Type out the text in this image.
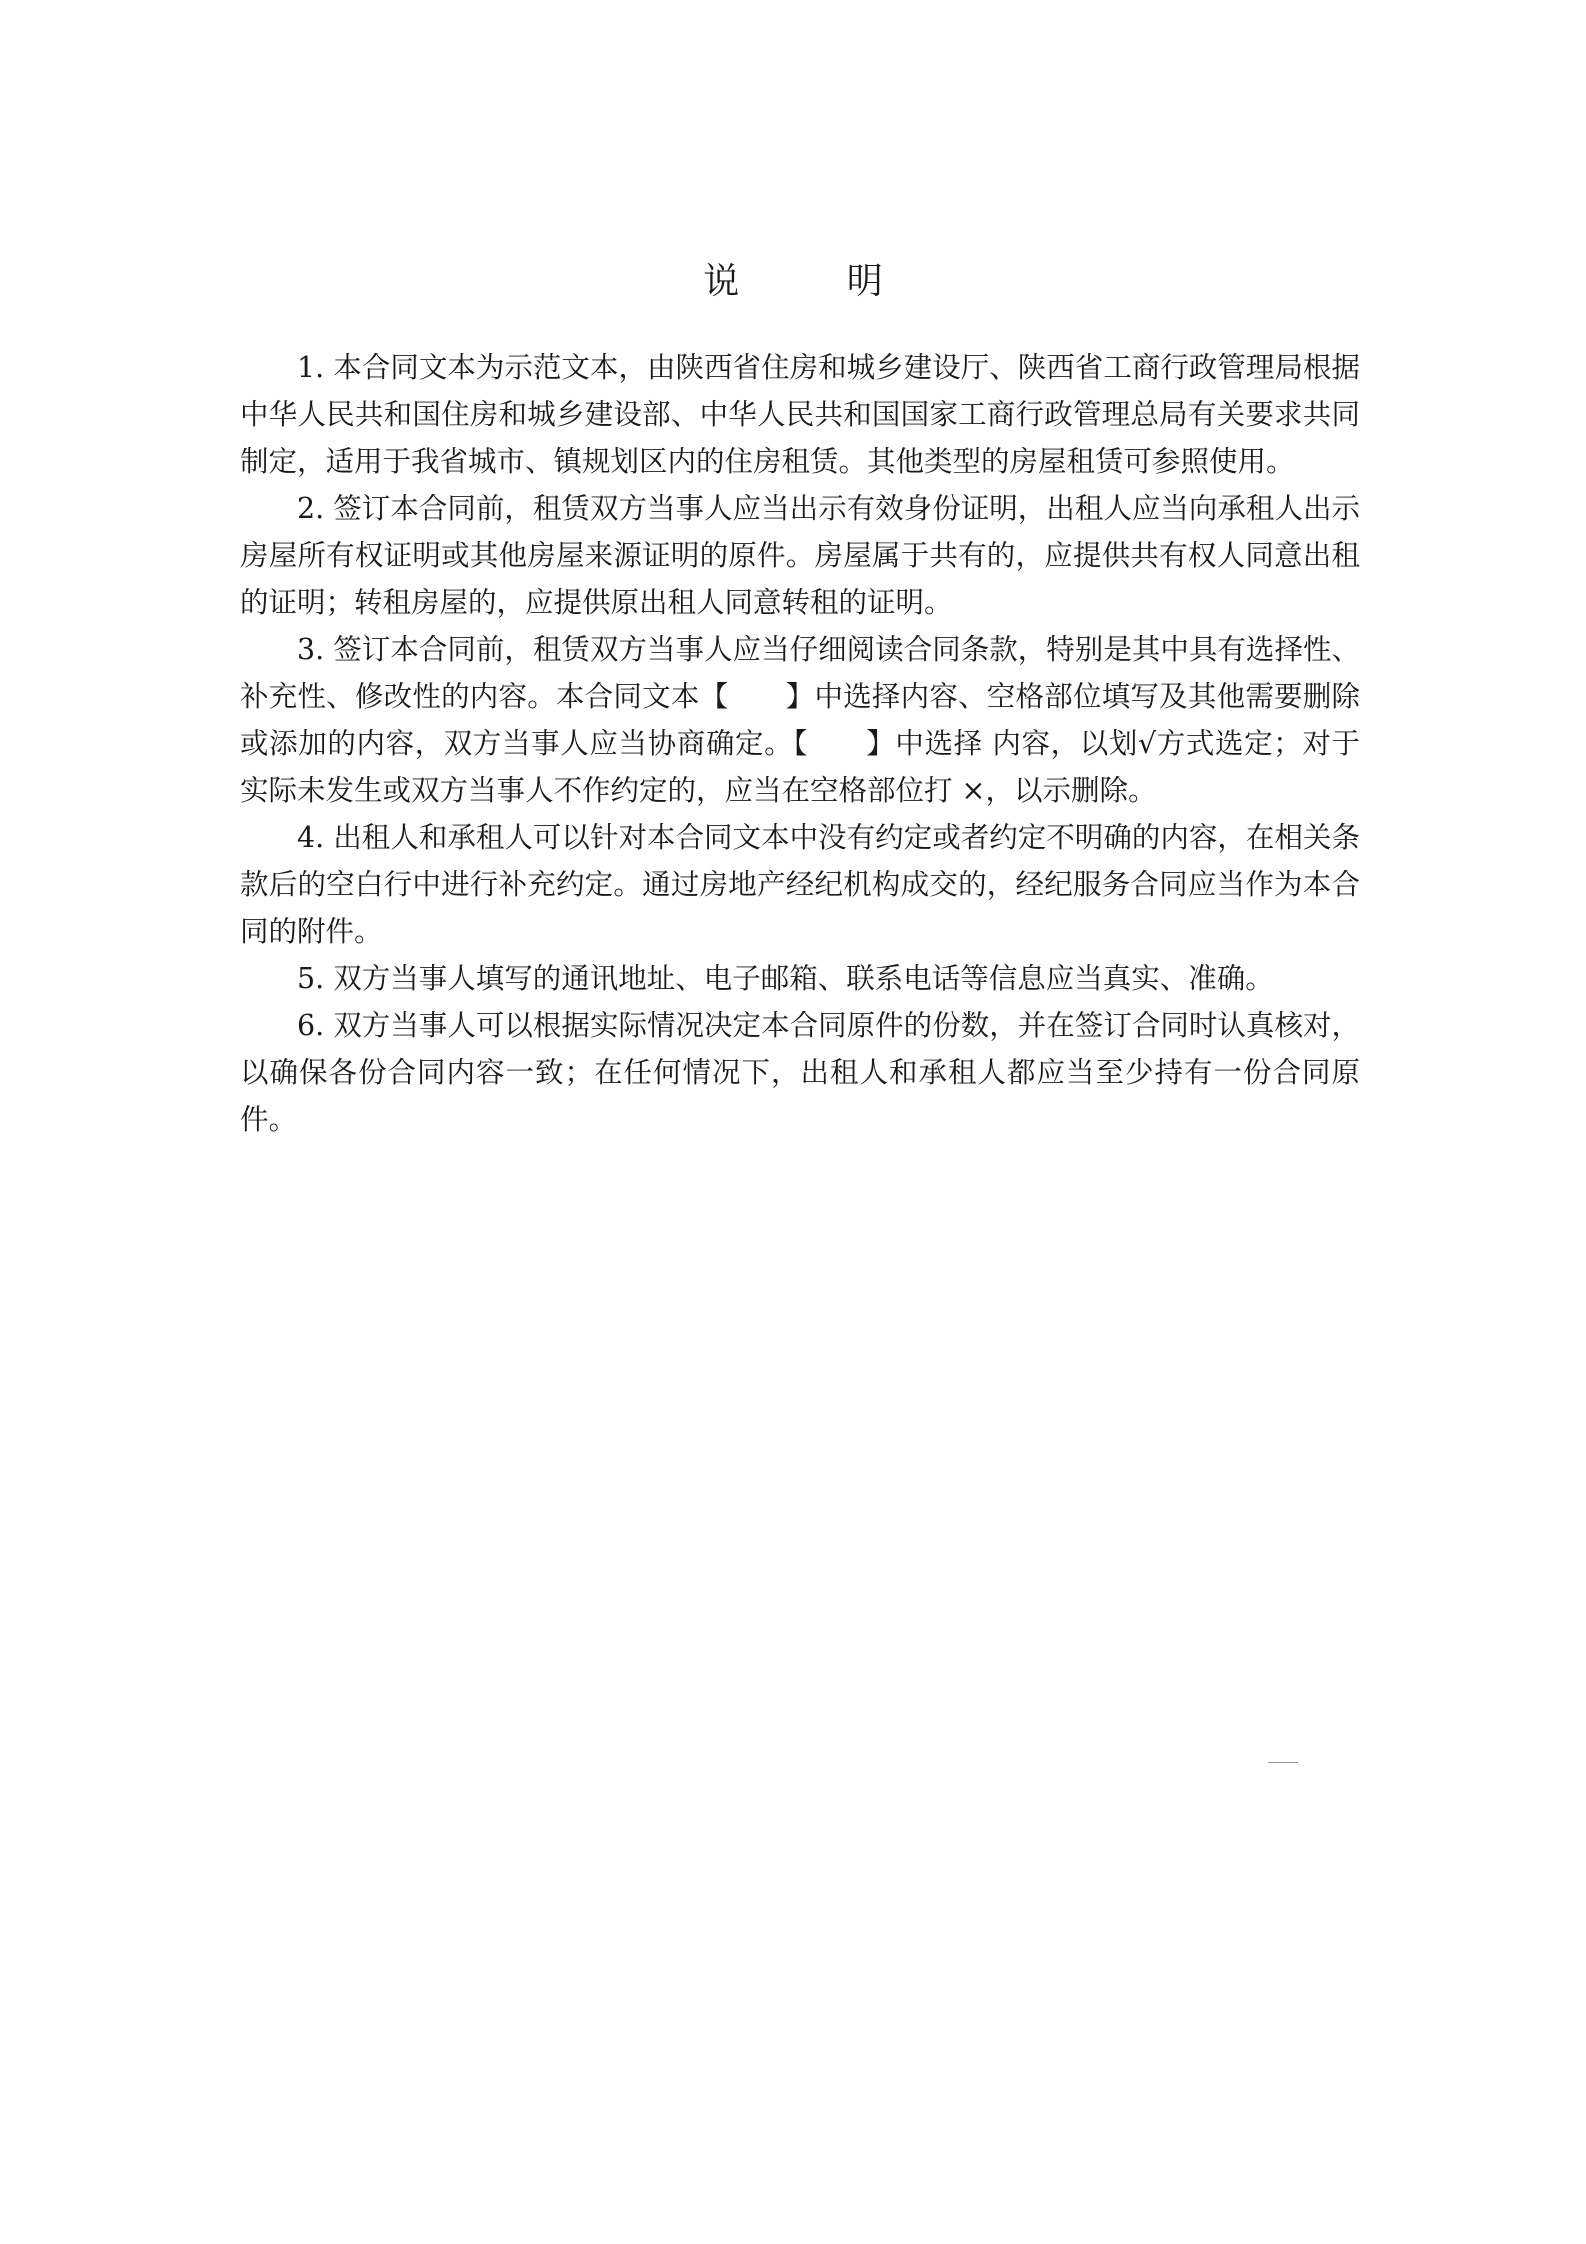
说 明

1. 本合同文本为示范文本，由陕西省住房和城乡建设厅、陕西省工商行政管理局根据中华人民共和国住房和城乡建设部、中华人民共和国国家工商行政管理总局有关要求共同制定，适用于我省城市、镇规划区内的住房租赁。其他类型的房屋租赁可参照使用。

2. 签订本合同前，租赁双方当事人应当出示有效身份证明，出租人应当向承租人出示房屋所有权证明或其他房屋来源证明的原件。房屋属于共有的，应提供共有权人同意出租的证明；转租房屋的，应提供原出租人同意转租的证明。

3. 签订本合同前，租赁双方当事人应当仔细阅读合同条款，特别是其中具有选择性、补充性、修改性的内容。本合同文本【　　】中选择内容、空格部位填写及其他需要删除或添加的内容，双方当事人应当协商确定。【　　】中选择 内容，以划√方式选定；对于实际未发生或双方当事人不作约定的，应当在空格部位打 ×，以示删除。

4. 出租人和承租人可以针对本合同文本中没有约定或者约定不明确的内容，在相关条款后的空白行中进行补充约定。通过房地产经纪机构成交的，经纪服务合同应当作为本合同的附件。

5. 双方当事人填写的通讯地址、电子邮箱、联系电话等信息应当真实、准确。

6. 双方当事人可以根据实际情况决定本合同原件的份数，并在签订合同时认真核对，以确保各份合同内容一致；在任何情况下，出租人和承租人都应当至少持有一份合同原件。
